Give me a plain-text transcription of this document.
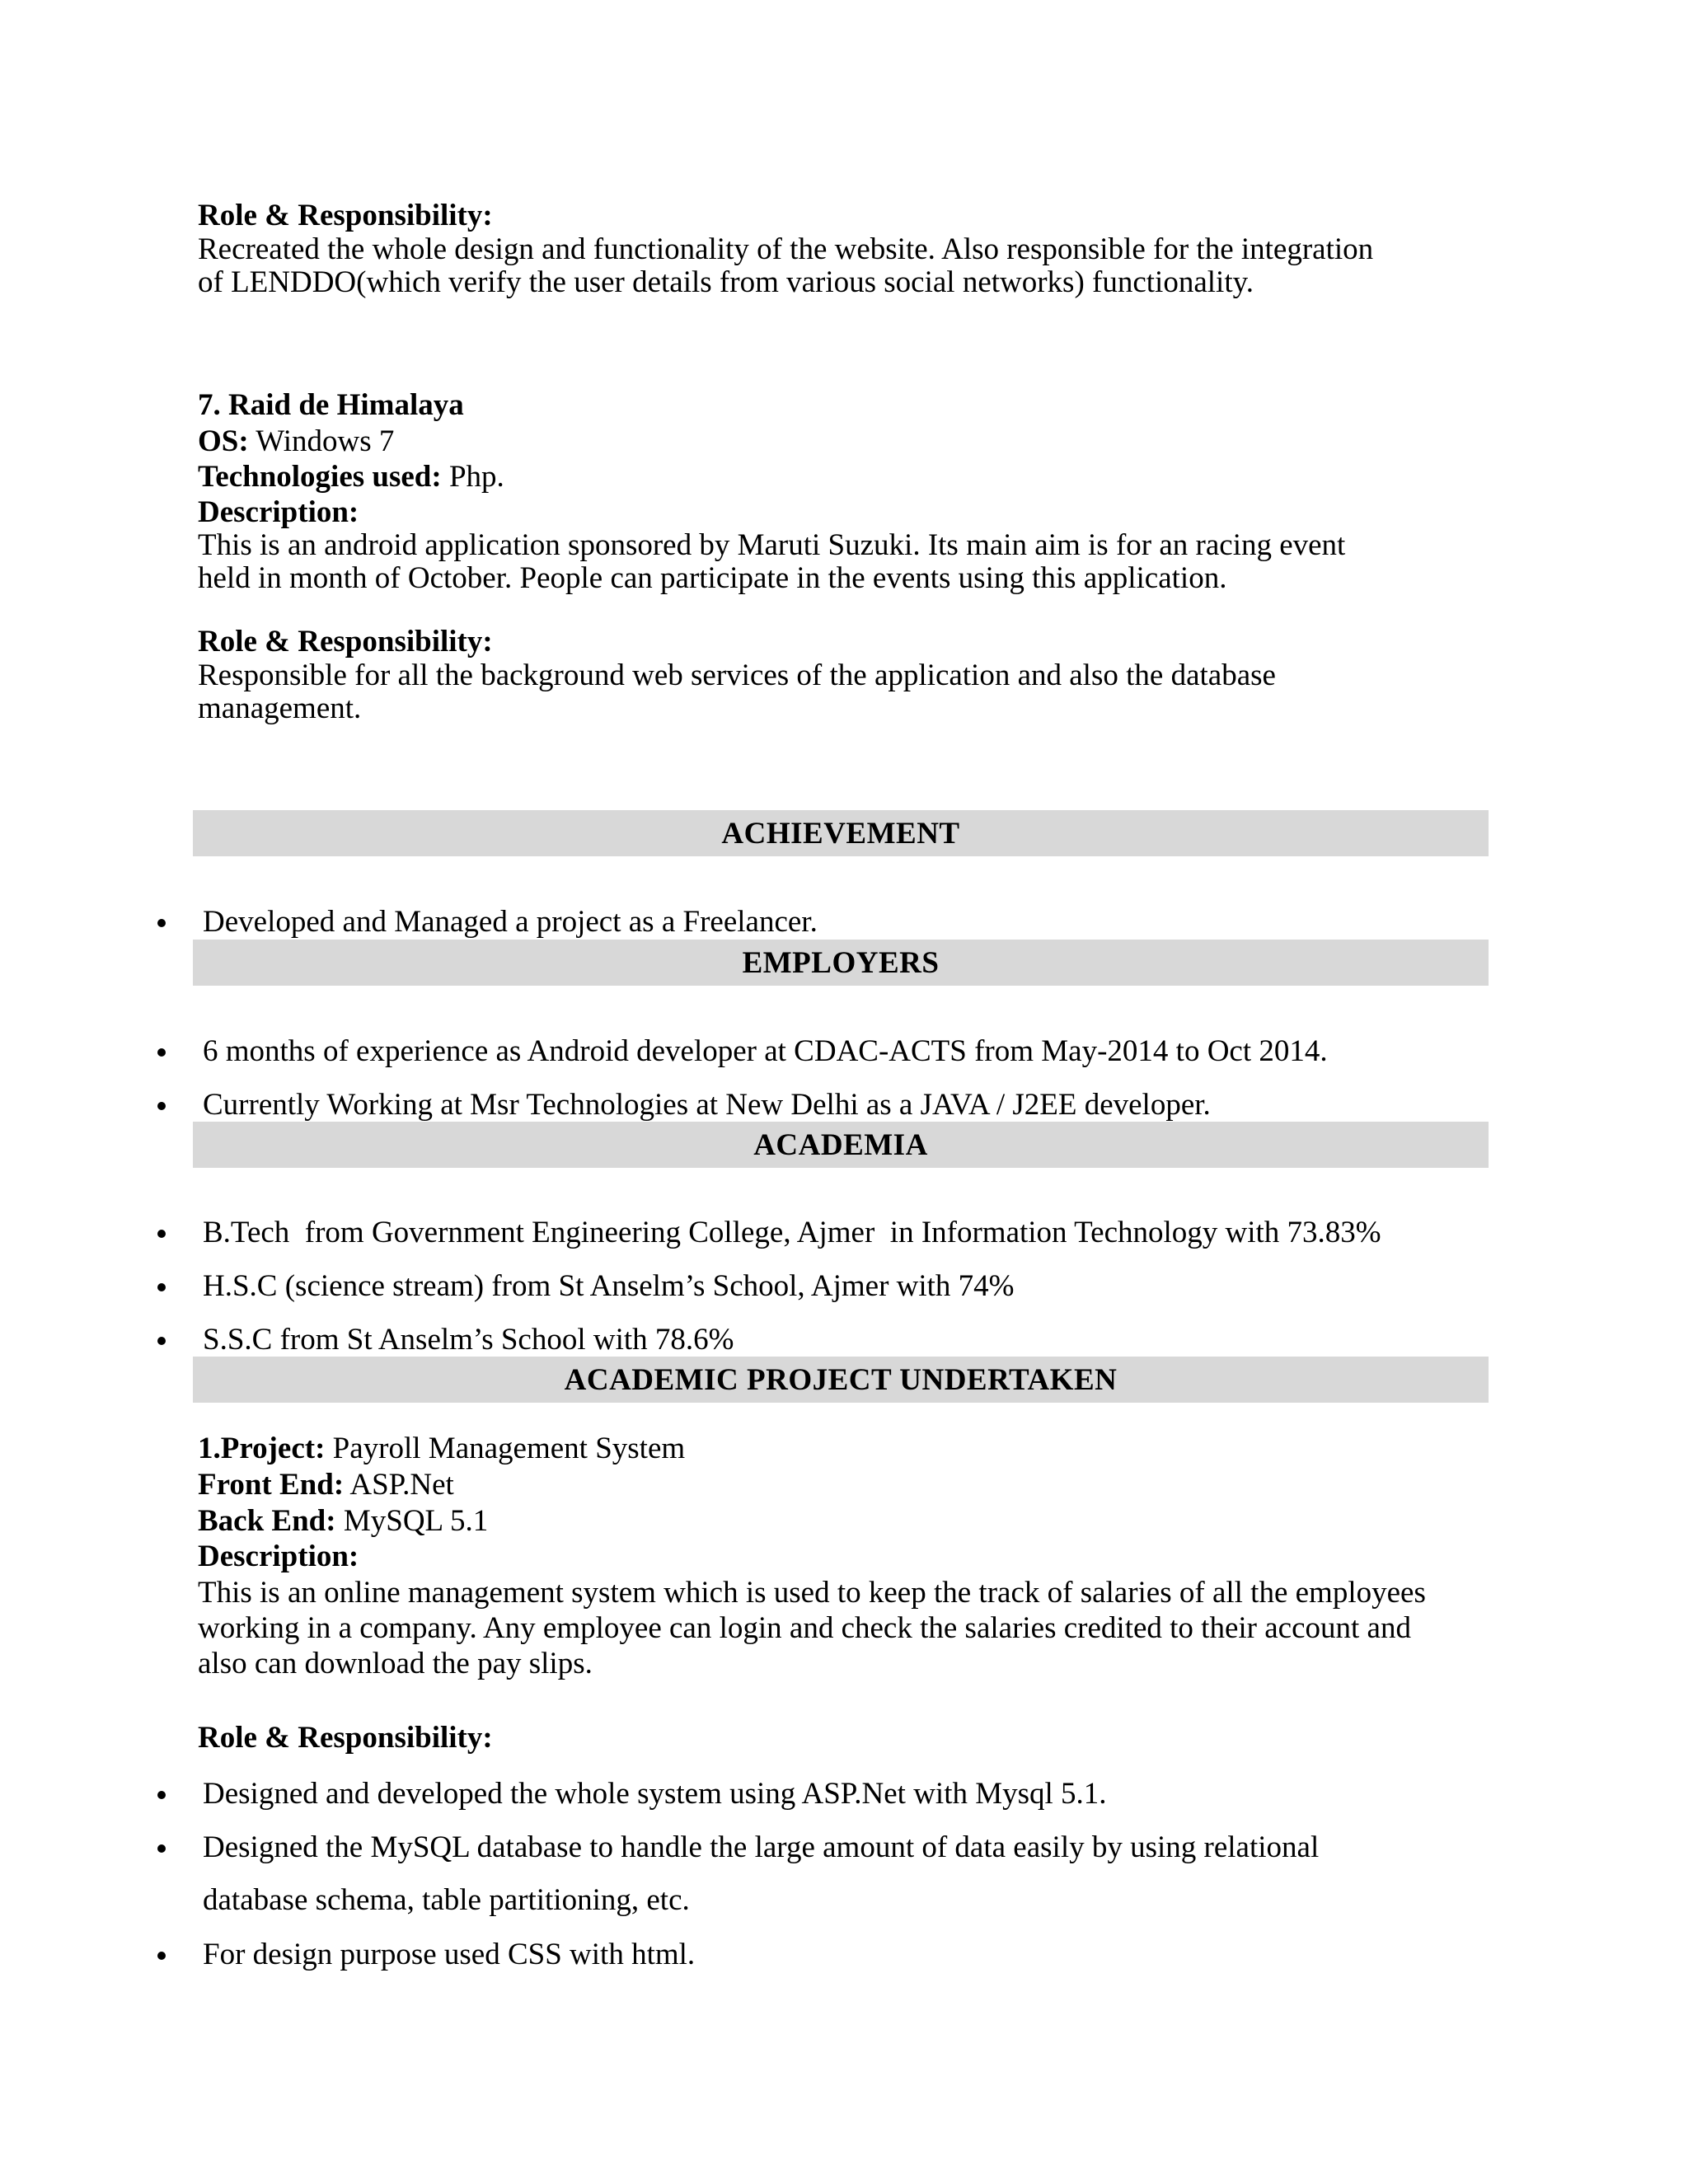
Role & Responsibility:
Recreated the whole design and functionality of the website. Also responsible for the integration
of LENDDO(which verify the user details from various social networks) functionality.
7. Raid de Himalaya
OS: Windows 7
Technologies used: Php.
Description:
This is an android application sponsored by Maruti Suzuki. Its main aim is for an racing event
held in month of October. People can participate in the events using this application.
Role & Responsibility:
Responsible for all the background web services of the application and also the database
management.
ACHIEVEMENT
Developed and Managed a project as a Freelancer.
EMPLOYERS
6 months of experience as Android developer at CDAC-ACTS from May-2014 to Oct 2014.
Currently Working at Msr Technologies at New Delhi as a JAVA / J2EE developer.
ACADEMIA
B.Tech  from Government Engineering College, Ajmer  in Information Technology with 73.83%
H.S.C (science stream) from St Anselm’s School, Ajmer with 74%
S.S.C from St Anselm’s School with 78.6%
ACADEMIC PROJECT UNDERTAKEN
1.Project: Payroll Management System
Front End: ASP.Net
Back End: MySQL 5.1
Description:
This is an online management system which is used to keep the track of salaries of all the employees
working in a company. Any employee can login and check the salaries credited to their account and
also can download the pay slips.
Role & Responsibility:
Designed and developed the whole system using ASP.Net with Mysql 5.1.
Designed the MySQL database to handle the large amount of data easily by using relational
database schema, table partitioning, etc.
For design purpose used CSS with html.
